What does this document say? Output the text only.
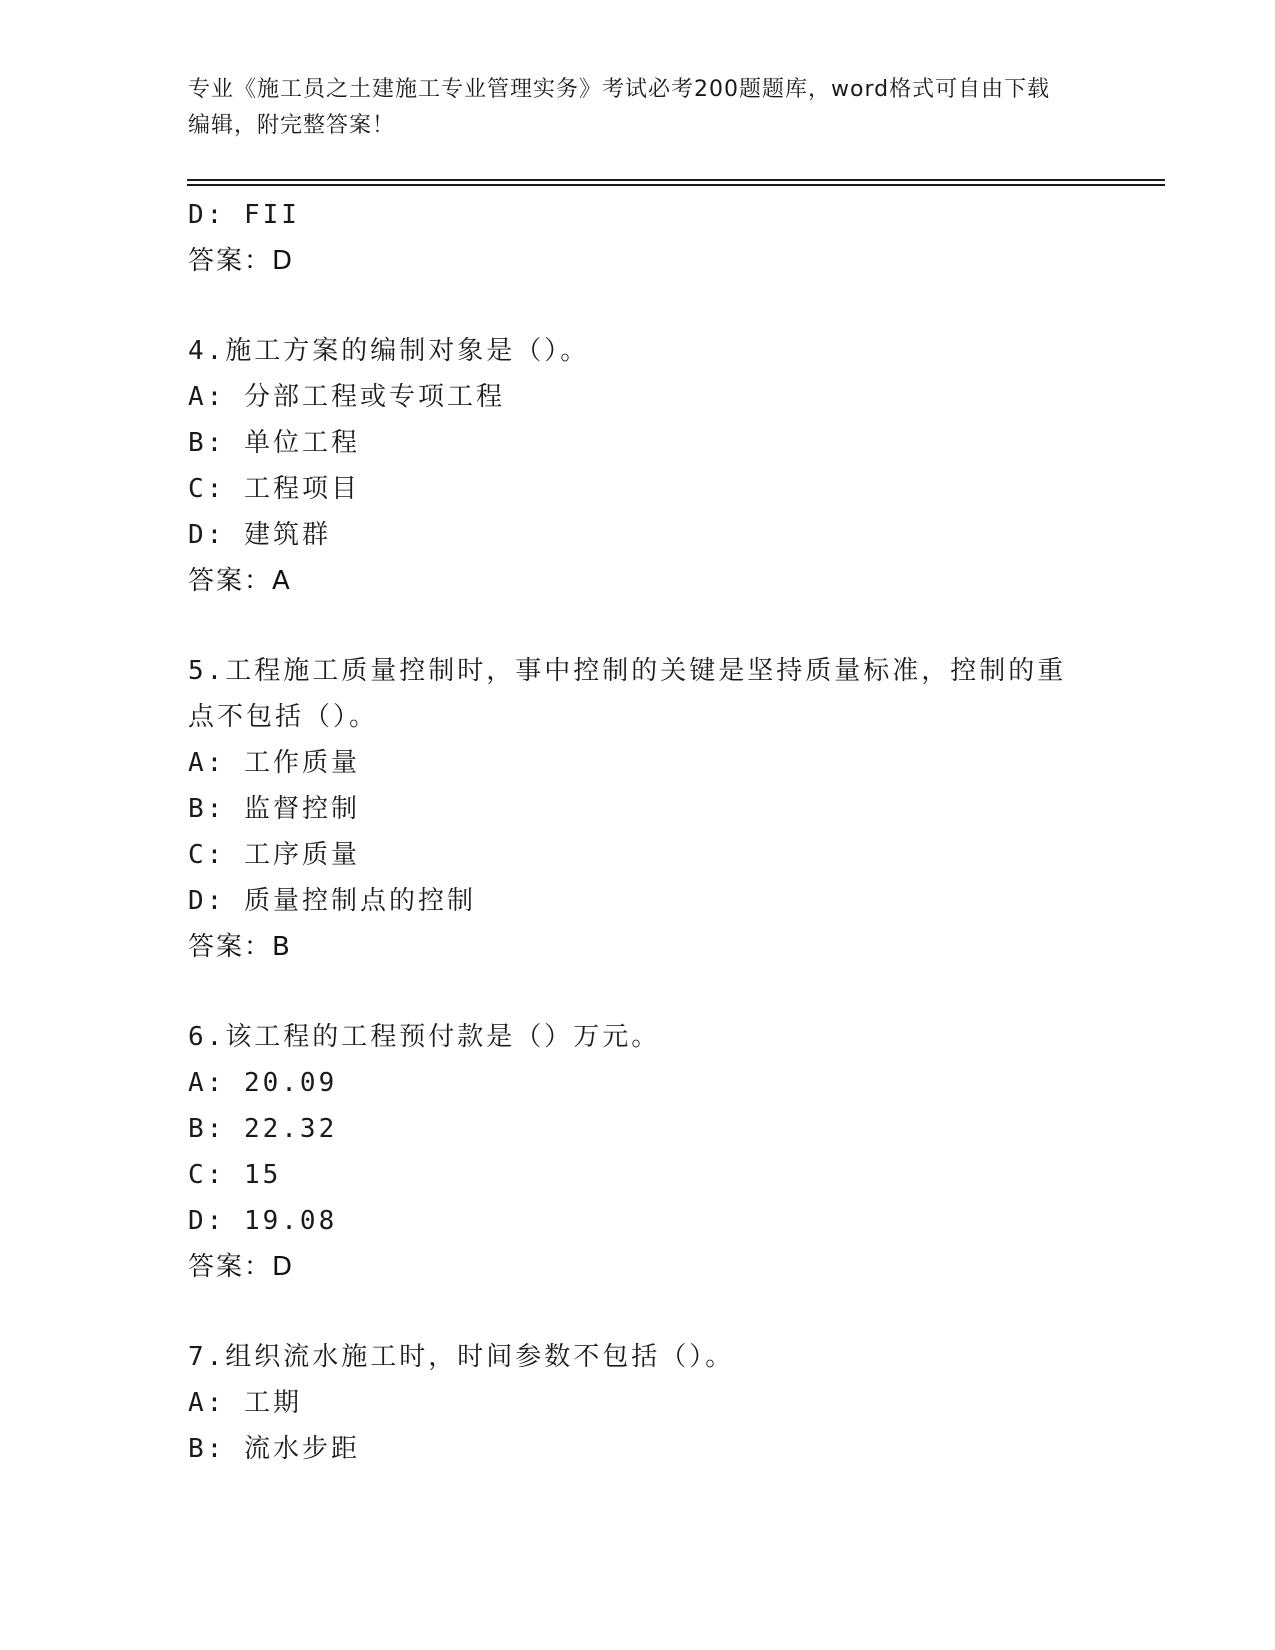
专业《施工员之土建施工专业管理实务》考试必考200题题库，word格式可自由下载编辑，附完整答案！
D: FII
答案：D
4.施工方案的编制对象是（）。
A: 分部工程或专项工程
B: 单位工程
C: 工程项目
D: 建筑群
答案：A
5.工程施工质量控制时，事中控制的关键是坚持质量标准，控制的重点不包括（）。
A: 工作质量
B: 监督控制
C: 工序质量
D: 质量控制点的控制
答案：B
6.该工程的工程预付款是（）万元。
A: 20.09
B: 22.32
C: 15
D: 19.08
答案：D
7.组织流水施工时，时间参数不包括（）。
A: 工期
B: 流水步距
